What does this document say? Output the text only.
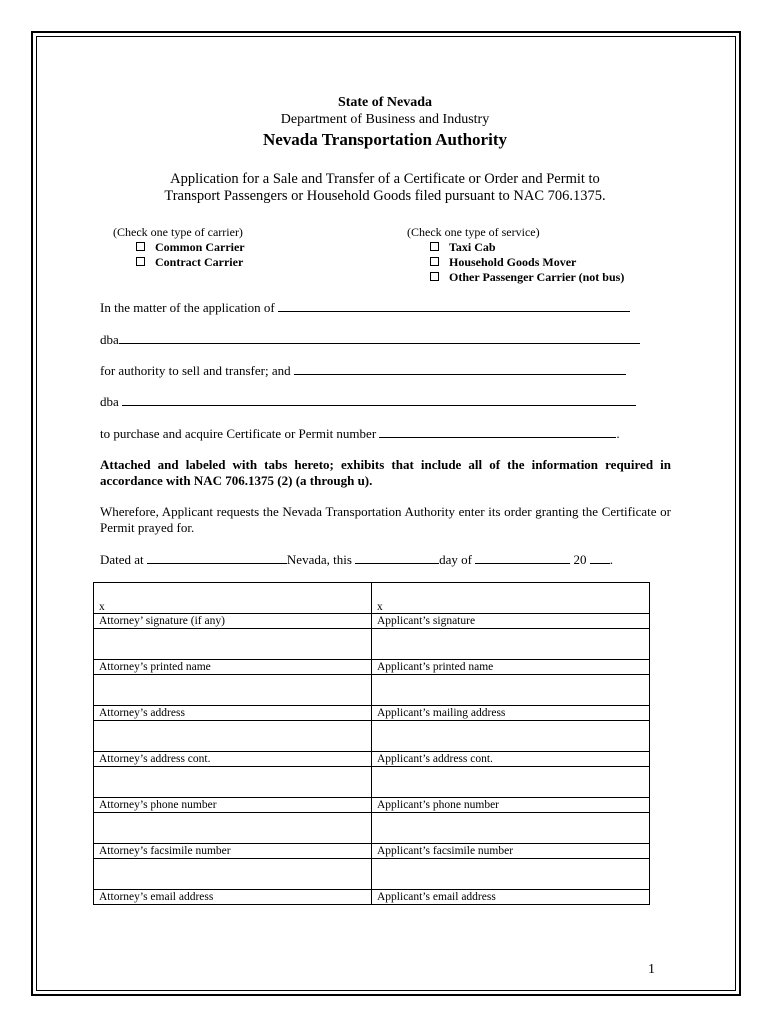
State of Nevada
Department of Business and Industry
Nevada Transportation Authority
Application for a Sale and Transfer of a Certificate or Order and Permit to
Transport Passengers or Household Goods filed pursuant to NAC 706.1375.
(Check one type of carrier)
Common Carrier
Contract Carrier
(Check one type of service)
Taxi Cab
Household Goods Mover
Other Passenger Carrier (not bus)
In the matter of the application of
dba
for authority to sell and transfer; and
dba
to purchase and acquire Certificate or Permit number	.
Attached and labeled with tabs hereto; exhibits that include all of the information required in accordance with NAC 706.1375 (2) (a through u).
Wherefore, Applicant requests the Nevada Transportation Authority enter its order granting the Certificate or Permit prayed for.
Dated at	Nevada, this	day of	20 .
x	x
Attorney’ signature (if any)	Applicant’s signature

Attorney’s printed name	Applicant’s printed name

Attorney’s address	Applicant’s mailing address

Attorney’s address cont.	Applicant’s address cont.

Attorney’s phone number	Applicant’s phone number

Attorney’s facsimile number	Applicant’s facsimile number

Attorney’s email address	Applicant’s email address
1
